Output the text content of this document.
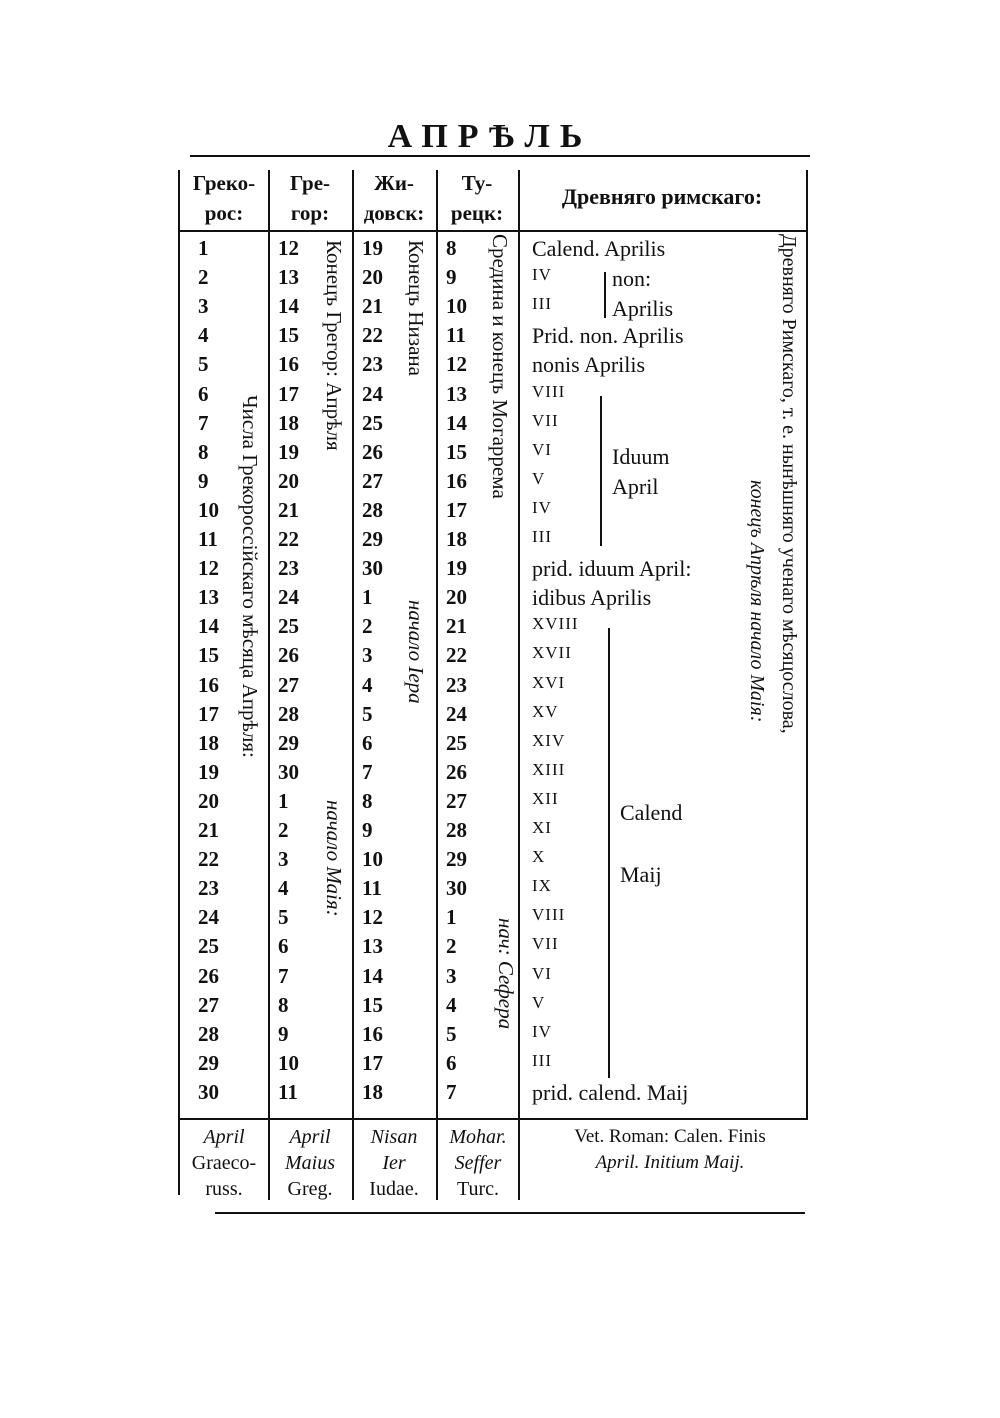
АПРѢЛЬ
Греко-
рос:
Гре-
гор:
Жи-
довск:
Ту-
рецк:
Древняго римскаго:
1
2
3
4
5
6
7
8
9
10
11
12
13
14
15
16
17
18
19
20
21
22
23
24
25
26
27
28
29
30
12
13
14
15
16
17
18
19
20
21
22
23
24
25
26
27
28
29
30
1
2
3
4
5
6
7
8
9
10
11
19
20
21
22
23
24
25
26
27
28
29
30
1
2
3
4
5
6
7
8
9
10
11
12
13
14
15
16
17
18
8
9
10
11
12
13
14
15
16
17
18
19
20
21
22
23
24
25
26
27
28
29
30
1
2
3
4
5
6
7
Calend. Aprilis
IV
III
Prid. non. Aprilis
nonis Aprilis
VIII
VII
VI
V
IV
III
prid. iduum April:
idibus Aprilis
XVIII
XVII
XVI
XV
XIV
XIII
XII
XI
X
IX
VIII
VII
VI
V
IV
III
prid. calend. Maij
non:
Aprilis
Iduum
April
Calend
Maij
Числа Грекороссійскаго мѣсяца Апрѣля:
Конецъ Грегор: Апрѣля
начало Маія:
Конецъ Низана
начало Іера
Средина и конецъ Могарремa
нач: Сефера
Древняго Римскаго, т. е. нынѣшняго ученаго мѣсяцослова,
конецъ Апрѣля начало Маія:
April
Graeco-
russ.
April
Maius
Greg.
Nisan
Ier
Iudae.
Mohar.
Seffer
Turc.
Vet. Roman: Calen. Finis
April. Initium Maij.
